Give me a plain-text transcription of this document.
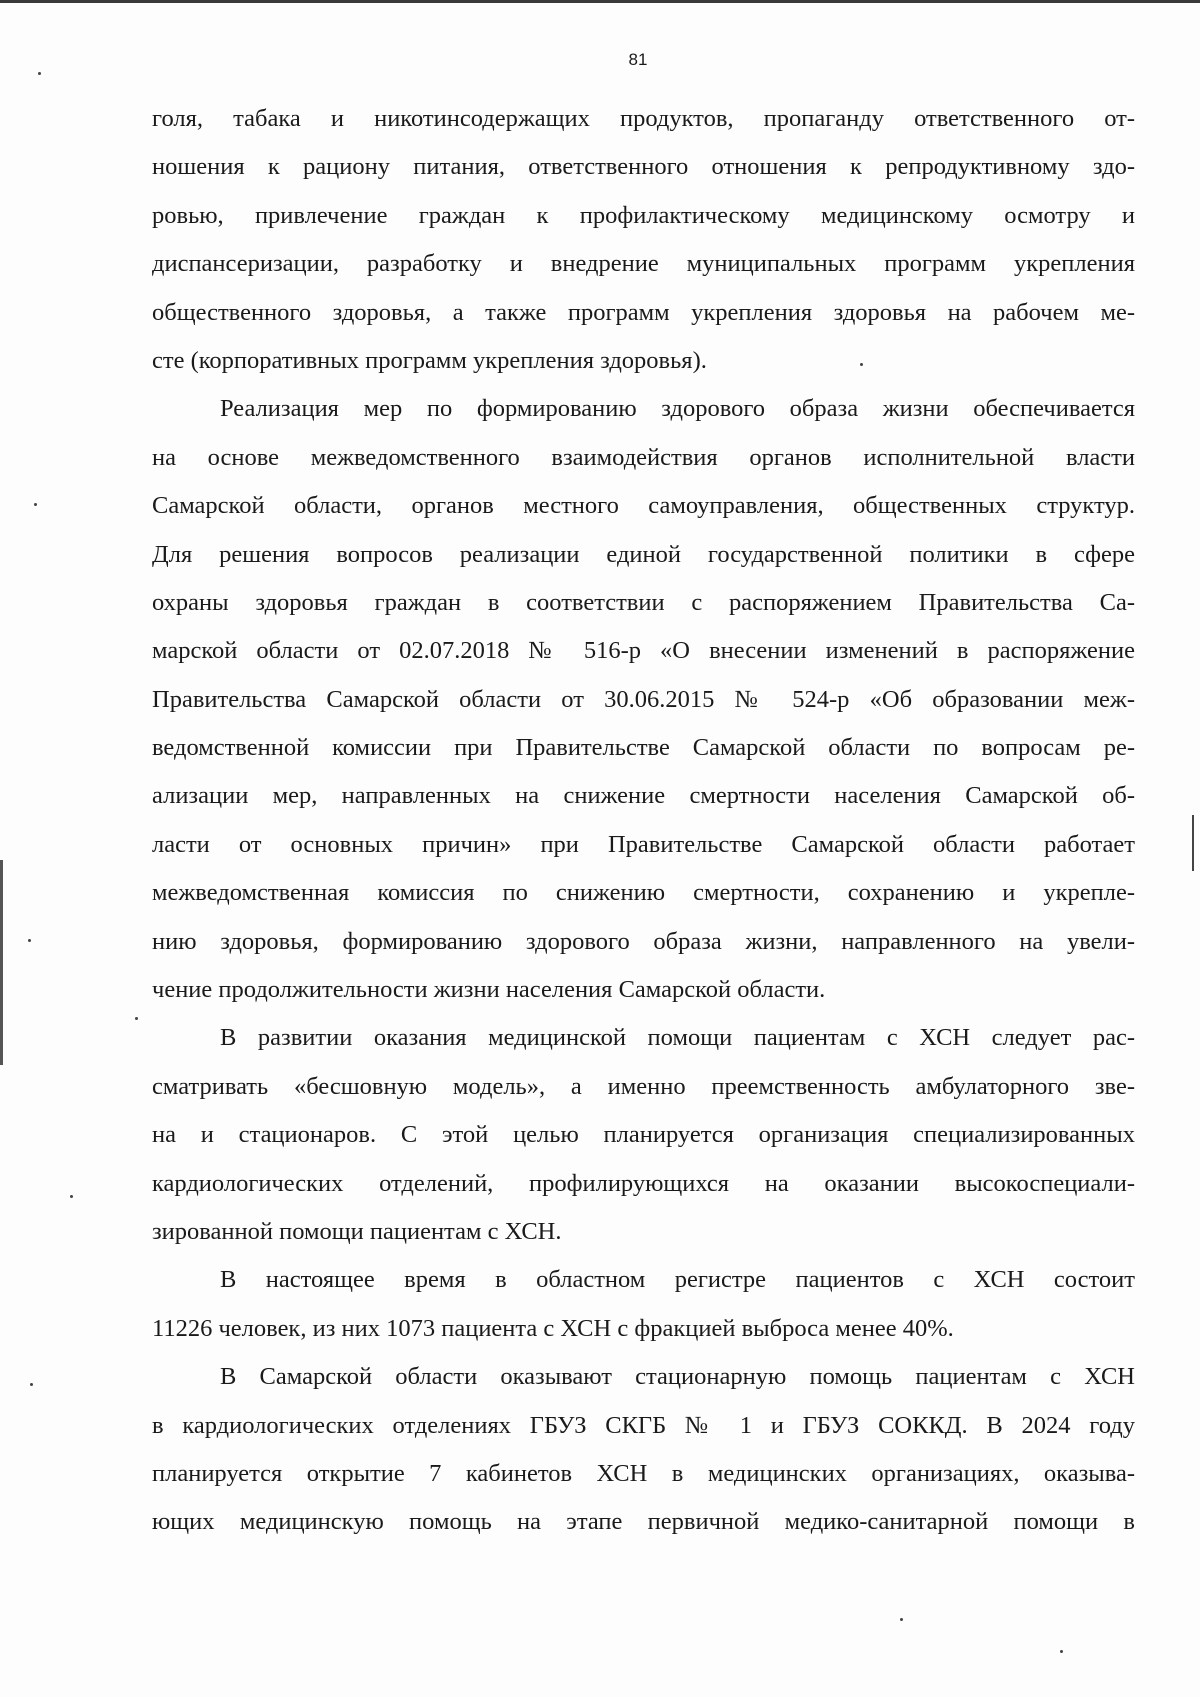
81
голя, табака и никотинсодержащих продуктов, пропаганду ответственного от-
ношения к рациону питания, ответственного отношения к репродуктивному здо-
ровью, привлечение граждан к профилактическому медицинскому осмотру и
диспансеризации, разработку и внедрение муниципальных программ укрепления
общественного здоровья, а также программ укрепления здоровья на рабочем ме-
сте (корпоративных программ укрепления здоровья).
Реализация мер по формированию здорового образа жизни обеспечивается
на основе межведомственного взаимодействия органов исполнительной власти
Самарской области, органов местного самоуправления, общественных структур.
Для решения вопросов реализации единой государственной политики в сфере
охраны здоровья граждан в соответствии с распоряжением Правительства Са-
марской области от 02.07.2018 № 516-р «О внесении изменений в распоряжение
Правительства Самарской области от 30.06.2015 № 524-р «Об образовании меж-
ведомственной комиссии при Правительстве Самарской области по вопросам ре-
ализации мер, направленных на снижение смертности населения Самарской об-
ласти от основных причин» при Правительстве Самарской области работает
межведомственная комиссия по снижению смертности, сохранению и укрепле-
нию здоровья, формированию здорового образа жизни, направленного на увели-
чение продолжительности жизни населения Самарской области.
В развитии оказания медицинской помощи пациентам с ХСН следует рас-
сматривать «бесшовную модель», а именно преемственность амбулаторного зве-
на и стационаров. С этой целью планируется организация специализированных
кардиологических отделений, профилирующихся на оказании высокоспециали-
зированной помощи пациентам с ХСН.
В настоящее время в областном регистре пациентов с ХСН состоит
11226 человек, из них 1073 пациента с ХСН с фракцией выброса менее 40%.
В Самарской области оказывают стационарную помощь пациентам с ХСН
в кардиологических отделениях ГБУЗ СКГБ № 1 и ГБУЗ СОККД. В 2024 году
планируется открытие 7 кабинетов ХСН в медицинских организациях, оказыва-
ющих медицинскую помощь на этапе первичной медико-санитарной помощи в
